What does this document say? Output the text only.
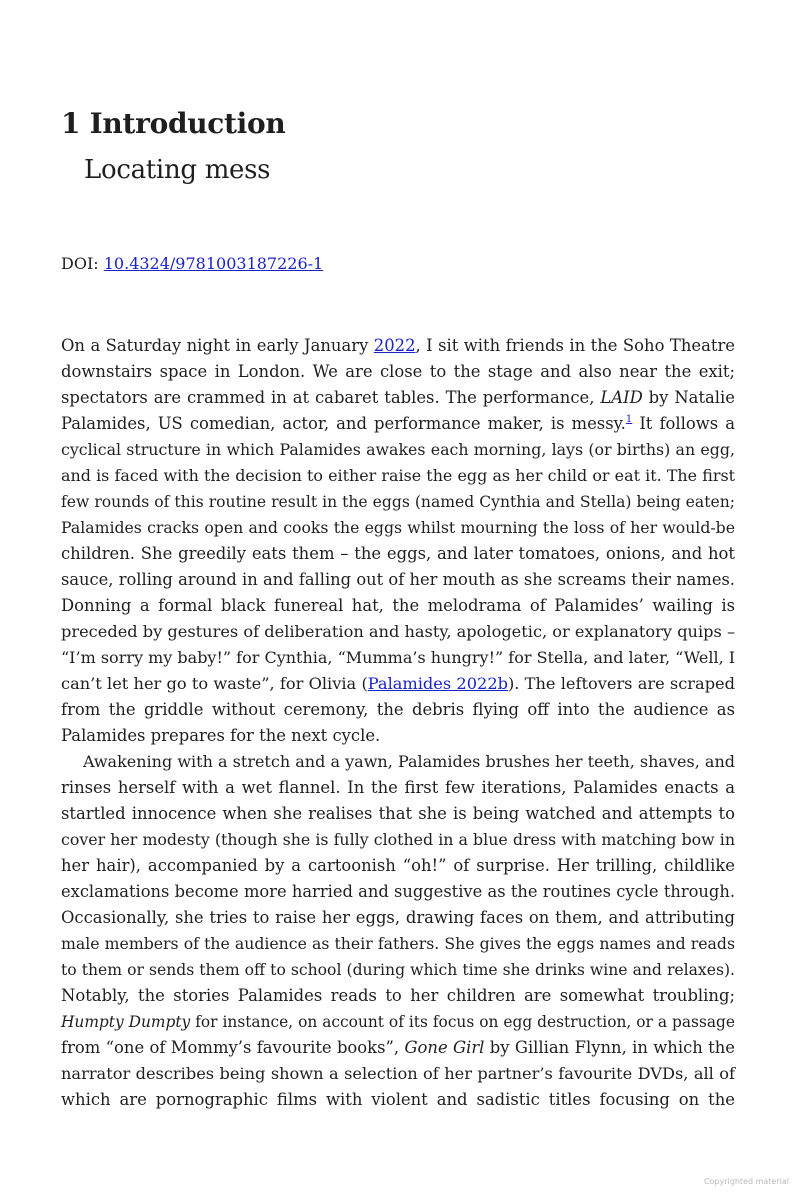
1 Introduction
Locating mess
DOI: 10.4324/9781003187226-1

On a Saturday night in early January 2022, I sit with friends in the Soho Theatre
downstairs space in London. We are close to the stage and also near the exit;
spectators are crammed in at cabaret tables. The performance, LAID by Natalie
Palamides, US comedian, actor, and performance maker, is messy.$^1$ It follows a
cyclical structure in which Palamides awakes each morning, lays (or births) an egg,
and is faced with the decision to either raise the egg as her child or eat it. The first
few rounds of this routine result in the eggs (named Cynthia and Stella) being eaten;
Palamides cracks open and cooks the eggs whilst mourning the loss of her would-be
children. She greedily eats them – the eggs, and later tomatoes, onions, and hot
sauce, rolling around in and falling out of her mouth as she screams their names.
Donning a formal black funereal hat, the melodrama of Palamides’ wailing is
preceded by gestures of deliberation and hasty, apologetic, or explanatory quips –
“I’m sorry my baby!” for Cynthia, “Mumma’s hungry!” for Stella, and later, “Well, I
can’t let her go to waste”, for Olivia (Palamides 2022b). The leftovers are scraped
from the griddle without ceremony, the debris flying off into the audience as
Palamides prepares for the next cycle.

Awakening with a stretch and a yawn, Palamides brushes her teeth, shaves, and
rinses herself with a wet flannel. In the first few iterations, Palamides enacts a
startled innocence when she realises that she is being watched and attempts to
cover her modesty (though she is fully clothed in a blue dress with matching bow in
her hair), accompanied by a cartoonish “oh!” of surprise. Her trilling, childlike
exclamations become more harried and suggestive as the routines cycle through.
Occasionally, she tries to raise her eggs, drawing faces on them, and attributing
male members of the audience as their fathers. She gives the eggs names and reads
to them or sends them off to school (during which time she drinks wine and relaxes).
Notably, the stories Palamides reads to her children are somewhat troubling;
Humpty Dumpty for instance, on account of its focus on egg destruction, or a passage
from “one of Mommy’s favourite books”, Gone Girl by Gillian Flynn, in which the
narrator describes being shown a selection of her partner’s favourite DVDs, all of
which are pornographic films with violent and sadistic titles focusing on the

Copyrighted material
